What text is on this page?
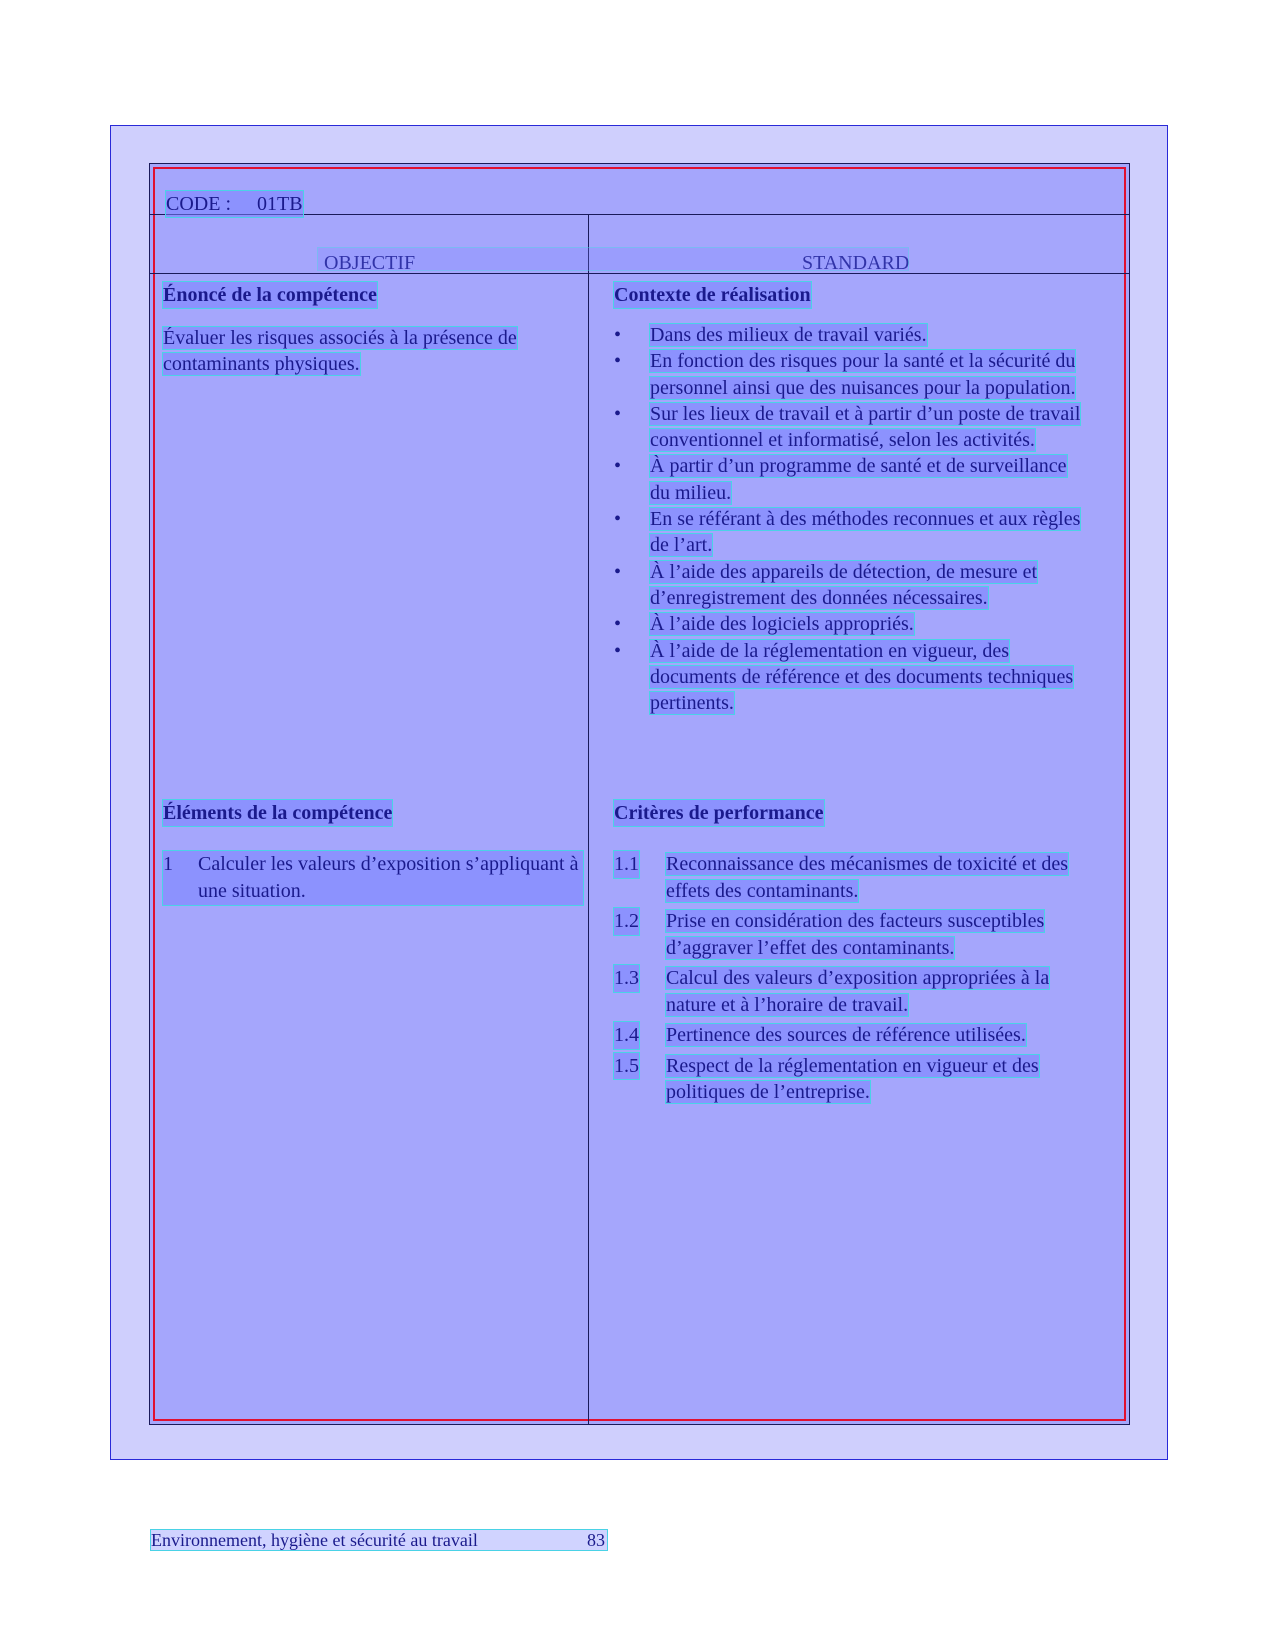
CODE : 01TB
OBJECTIF	STANDARD
Énoncé de la compétence
Évaluer les risques associés à la présence de contaminants physiques.
Éléments de la compétence
1	Calculer les valeurs d’exposition s’appliquant à une situation.
Contexte de réalisation
• Dans des milieux de travail variés.
• En fonction des risques pour la santé et la sécurité du personnel ainsi que des nuisances pour la population.
• Sur les lieux de travail et à partir d’un poste de travail conventionnel et informatisé, selon les activités.
• À partir d’un programme de santé et de surveillance du milieu.
• En se référant à des méthodes reconnues et aux règles de l’art.
• À l’aide des appareils de détection, de mesure et d’enregistrement des données nécessaires.
• À l’aide des logiciels appropriés.
• À l’aide de la réglementation en vigueur, des documents de référence et des documents techniques pertinents.
Critères de performance
1.1 Reconnaissance des mécanismes de toxicité et des effets des contaminants.
1.2 Prise en considération des facteurs susceptibles d’aggraver l’effet des contaminants.
1.3 Calcul des valeurs d’exposition appropriées à la nature et à l’horaire de travail.
1.4 Pertinence des sources de référence utilisées.
1.5 Respect de la réglementation en vigueur et des politiques de l’entreprise.
Environnement, hygiène et sécurité au travail	83
